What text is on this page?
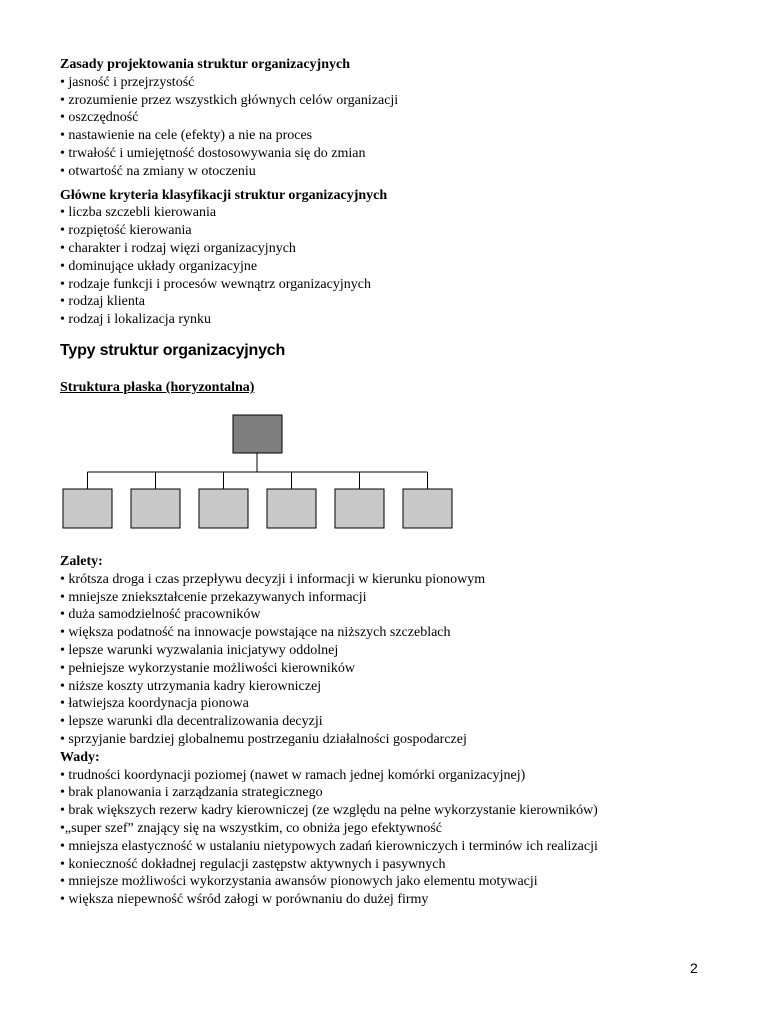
Zasady projektowania struktur organizacyjnych

• jasność i przejrzystość
• zrozumienie przez wszystkich głównych celów organizacji
• oszczędność
• nastawienie na cele (efekty) a nie na proces
• trwałość i umiejętność dostosowywania się do zmian
• otwartość na zmiany w otoczeniu

Główne kryteria klasyfikacji struktur organizacyjnych

• liczba szczebli kierowania
• rozpiętość kierowania
• charakter i rodzaj więzi organizacyjnych
• dominujące układy organizacyjne
• rodzaje funkcji i procesów wewnątrz organizacyjnych
• rodzaj klienta
• rodzaj i lokalizacja rynku

Typy struktur organizacyjnych

Struktura płaska (horyzontalna)

Zalety:

• krótsza droga i czas przepływu decyzji i informacji w kierunku pionowym
• mniejsze zniekształcenie przekazywanych informacji
• duża samodzielność pracowników
• większa podatność na innowacje powstające na niższych szczeblach
• lepsze warunki wyzwalania inicjatywy oddolnej
• pełniejsze wykorzystanie możliwości kierowników
• niższe koszty utrzymania kadry kierowniczej
• łatwiejsza koordynacja pionowa
• lepsze warunki dla decentralizowania decyzji
• sprzyjanie bardziej globalnemu postrzeganiu działalności gospodarczej

Wady:

• trudności koordynacji poziomej (nawet w ramach jednej komórki organizacyjnej)
• brak planowania i zarządzania strategicznego
• brak większych rezerw kadry kierowniczej (ze względu na pełne wykorzystanie kierowników)
•„super szef” znający się na wszystkim, co obniża jego efektywność
• mniejsza elastyczność w ustalaniu nietypowych zadań kierowniczych i terminów ich realizacji
• konieczność dokładnej regulacji zastępstw aktywnych i pasywnych
• mniejsze możliwości wykorzystania awansów pionowych jako elementu motywacji
• większa niepewność wśród załogi w porównaniu do dużej firmy
2
